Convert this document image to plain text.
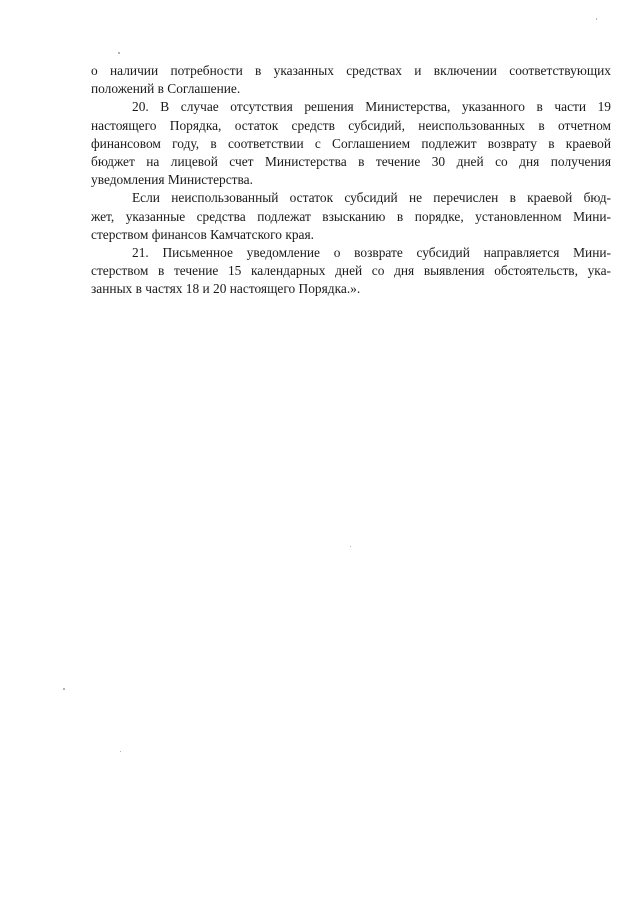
о наличии потребности в указанных средствах и включении соответствующих
положений в Соглашение.

20. В случае отсутствия решения Министерства, указанного в части 19
настоящего Порядка, остаток средств субсидий, неиспользованных в отчетном
финансовом году, в соответствии с Соглашением подлежит возврату в краевой
бюджет на лицевой счет Министерства в течение 30 дней со дня получения
уведомления Министерства.

Если неиспользованный остаток субсидий не перечислен в краевой бюд-
жет, указанные средства подлежат взысканию в порядке, установленном Мини-
стерством финансов Камчатского края.

21. Письменное уведомление о возврате субсидий направляется Мини-
стерством в течение 15 календарных дней со дня выявления обстоятельств, ука-
занных в частях 18 и 20 настоящего Порядка.».
